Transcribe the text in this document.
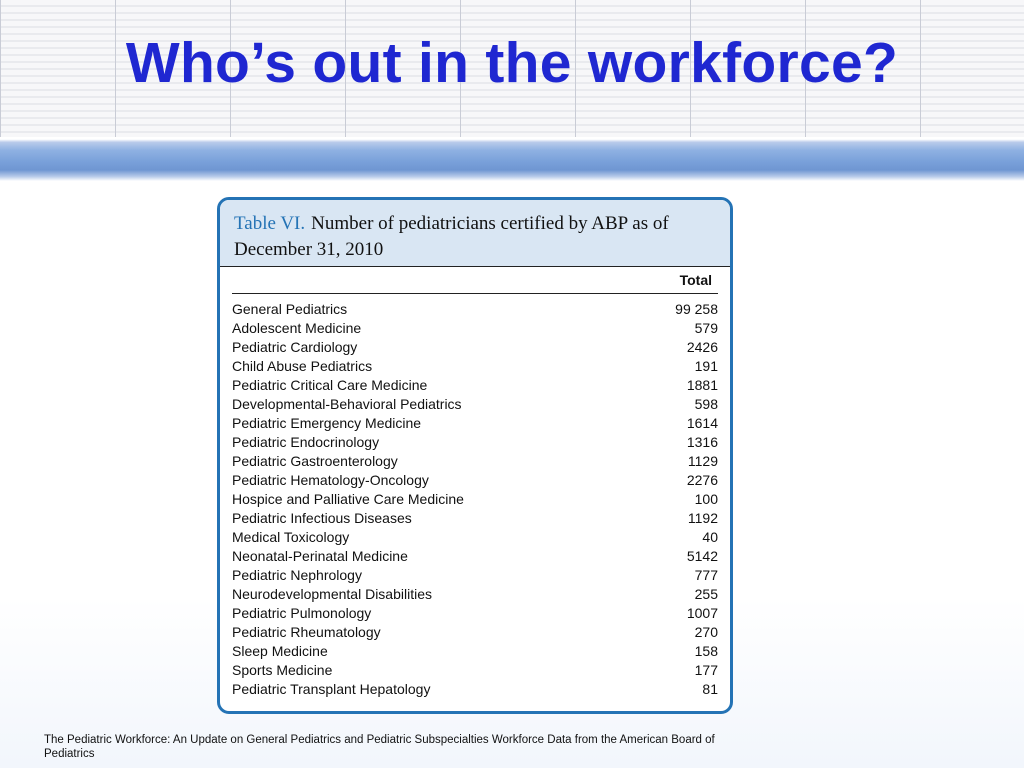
Who’s out in the workforce?
Table VI. Number of pediatricians certified by ABP as of December 31, 2010
Total
General Pediatrics	99 258
Adolescent Medicine	579
Pediatric Cardiology	2426
Child Abuse Pediatrics	191
Pediatric Critical Care Medicine	1881
Developmental-Behavioral Pediatrics	598
Pediatric Emergency Medicine	1614
Pediatric Endocrinology	1316
Pediatric Gastroenterology	1129
Pediatric Hematology-Oncology	2276
Hospice and Palliative Care Medicine	100
Pediatric Infectious Diseases	1192
Medical Toxicology	40
Neonatal-Perinatal Medicine	5142
Pediatric Nephrology	777
Neurodevelopmental Disabilities	255
Pediatric Pulmonology	1007
Pediatric Rheumatology	270
Sleep Medicine	158
Sports Medicine	177
Pediatric Transplant Hepatology	81
The Pediatric Workforce: An Update on General Pediatrics and Pediatric Subspecialties Workforce Data from the American Board of Pediatrics
